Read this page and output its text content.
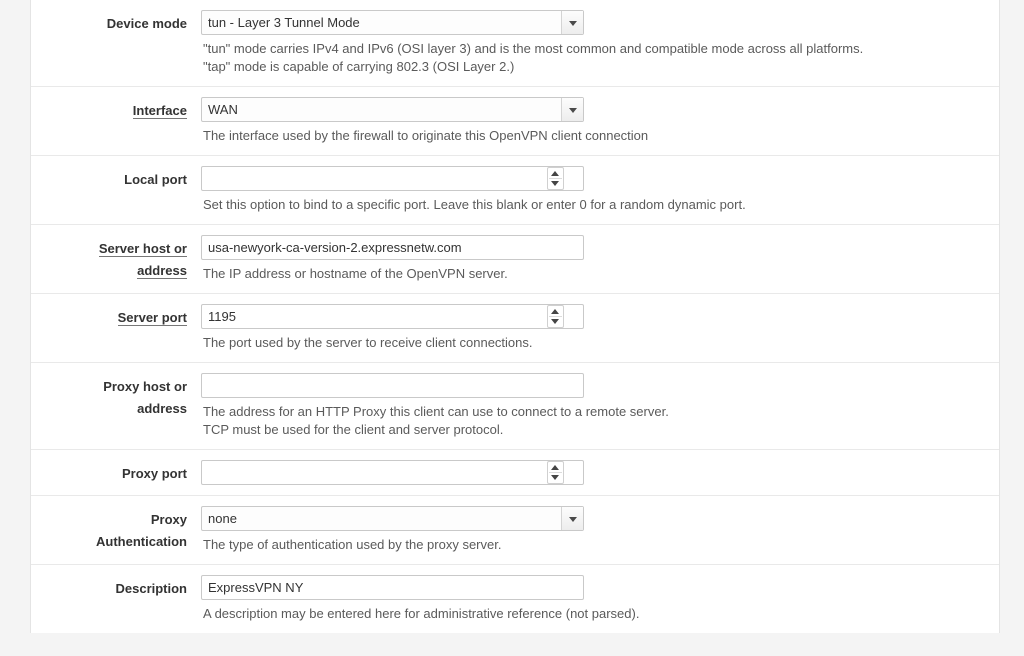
Device mode
tun - Layer 3 Tunnel Mode
"tun" mode carries IPv4 and IPv6 (OSI layer 3) and is the most common and compatible mode across all platforms.
"tap" mode is capable of carrying 802.3 (OSI Layer 2.)
Interface
WAN
The interface used by the firewall to originate this OpenVPN client connection
Local port
Set this option to bind to a specific port. Leave this blank or enter 0 for a random dynamic port.
Server host or
address
usa-newyork-ca-version-2.expressnetw.com The IP address or hostname of the OpenVPN server.
Server port
1195
The port used by the server to receive client connections.
Proxy host or
address The address for an HTTP Proxy this client can use to connect to a remote server.
TCP must be used for the client and server protocol.
Proxy port
Proxy
Authentication
none The type of authentication used by the proxy server.
Description
ExpressVPN NY
A description may be entered here for administrative reference (not parsed).
